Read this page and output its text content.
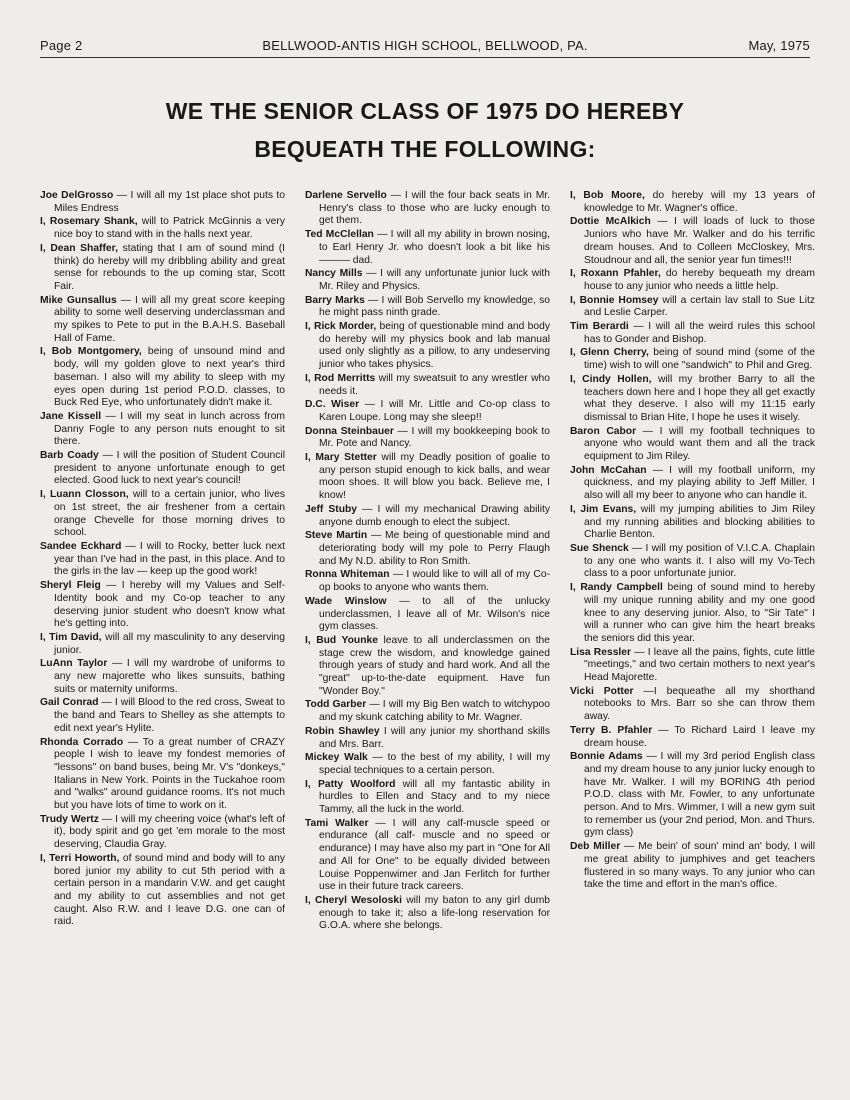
Page 2	BELLWOOD-ANTIS HIGH SCHOOL, BELLWOOD, PA.	May, 1975
WE THE SENIOR CLASS OF 1975 DO HEREBY
BEQUEATH THE FOLLOWING:

Joe DelGrosso — I will all my 1st place shot puts to Miles Endress

I, Rosemary Shank, will to Patrick McGinnis a very nice boy to stand with in the halls next year.

I, Dean Shaffer, stating that I am of sound mind (I think) do hereby will my dribbling ability and great sense for rebounds to the up coming star, Scott Fair.

Mike Gunsallus — I will all my great score keeping ability to some well deserving underclassman and my spikes to Pete to put in the B.A.H.S. Baseball Hall of Fame.

I, Bob Montgomery, being of unsound mind and body, will my golden glove to next year's third baseman. I also will my ability to sleep with my eyes open during 1st period P.O.D. classes, to Buck Red Eye, who unfortunately didn't make it.

Jane Kissell — I will my seat in lunch across from Danny Fogle to any person nuts enought to sit there.

Barb Coady — I will the position of Student Council president to anyone unfortunate enough to get elected. Good luck to next year's council!

I, Luann Closson, will to a certain junior, who lives on 1st street, the air freshener from a certain orange Chevelle for those morning drives to school.

Sandee Eckhard — I will to Rocky, better luck next year than I've had in the past, in this place. And to the girls in the lav — keep up the good work!

Sheryl Fleig — I hereby will my Values and Self-Identity book and my Co-op teacher to any deserving junior student who doesn't know what he's getting into.

I, Tim David, will all my masculinity to any deserving junior.

LuAnn Taylor — I will my wardrobe of uniforms to any new majorette who likes sunsuits, bathing suits or maternity uniforms.

Gail Conrad — I will Blood to the red cross, Sweat to the band and Tears to Shelley as she attempts to edit next year's Hylite.

Rhonda Corrado — To a great number of CRAZY people I wish to leave my fondest memories of "lessons" on band buses, being Mr. V's "donkeys," Italians in New York. Points in the Tuckahoe room and "walks" around guidance rooms. It's not much but you have lots of time to work on it.

Trudy Wertz — I will my cheering voice (what's left of it), body spirit and go get 'em morale to the most deserving, Claudia Gray.

I, Terri Howorth, of sound mind and body will to any bored junior my ability to cut 5th period with a certain person in a mandarin V.W. and get caught and my ability to cut assemblies and not get caught. Also R.W. and I leave D.G. one can of raid.

Darlene Servello — I will the four back seats in Mr. Henry's class to those who are lucky enough to get them.

Ted McClellan — I will all my ability in brown nosing, to Earl Henry Jr. who doesn't look a bit like his ——— dad.

Nancy Mills — I will any unfortunate junior luck with Mr. Riley and Physics.

Barry Marks — I will Bob Servello my knowledge, so he might pass ninth grade.

I, Rick Morder, being of questionable mind and body do hereby will my physics book and lab manual used only slightly as a pillow, to any undeserving junior who takes physics.

I, Rod Merritts will my sweatsuit to any wrestler who needs it.

D.C. Wiser — I will Mr. Little and Co-op class to Karen Loupe. Long may she sleep!!

Donna Steinbauer — I will my bookkeeping book to Mr. Pote and Nancy.

I, Mary Stetter will my Deadly position of goalie to any person stupid enough to kick balls, and wear moon shoes. It will blow you back. Believe me, I know!

Jeff Stuby — I will my mechanical Drawing ability anyone dumb enough to elect the subject.

Steve Martin — Me being of questionable mind and deteriorating body will my pole to Perry Flaugh and My N.D. ability to Ron Smith.

Ronna Whiteman — I would like to will all of my Co-op books to anyone who wants them.

Wade Winslow — to all of the unlucky underclassmen, I leave all of Mr. Wilson's nice gym classes.

I, Bud Younke leave to all underclassmen on the stage crew the wisdom, and knowledge gained through years of study and hard work. And all the "great" up-to-the-date equipment. Have fun "Wonder Boy."

Todd Garber — I will my Big Ben watch to witchypoo and my skunk catching ability to Mr. Wagner.

Robin Shawley I will any junior my shorthand skills and Mrs. Barr.

Mickey Walk — to the best of my ability, I will my special techniques to a certain person.

I, Patty Woolford will all my fantastic ability in hurdles to Ellen and Stacy and to my niece Tammy, all the luck in the world.

Tami Walker — I will any calf-muscle speed or endurance (all calf- muscle and no speed or endurance) I may have also my part in "One for All and All for One" to be equally divided between Louise Poppenwimer and Jan Ferlitch for further use in their future track careers.

I, Cheryl Wesoloski will my baton to any girl dumb enough to take it; also a life-long reservation for G.O.A. where she belongs.

I, Bob Moore, do hereby will my 13 years of knowledge to Mr. Wagner's office.

Dottie McAlkich — I will loads of luck to those Juniors who have Mr. Walker and do his terrific dream houses. And to Colleen McCloskey, Mrs. Stoudnour and all, the senior year fun times!!!

I, Roxann Pfahler, do hereby bequeath my dream house to any junior who needs a little help.

I, Bonnie Homsey will a certain lav stall to Sue Litz and Leslie Carper.

Tim Berardi — I will all the weird rules this school has to Gonder and Bishop.

I, Glenn Cherry, being of sound mind (some of the time) wish to will one "sandwich" to Phil and Greg.

I, Cindy Hollen, will my brother Barry to all the teachers down here and I hope they all get exactly what they deserve. I also will my 11:15 early dismissal to Brian Hite, I hope he uses it wisely.

Baron Cabor — I will my football techniques to anyone who would want them and all the track equipment to Jim Riley.

John McCahan — I will my football uniform, my quickness, and my playing ability to Jeff Miller. I also will all my beer to anyone who can handle it.

I, Jim Evans, will my jumping abilities to Jim Riley and my running abilities and blocking abilities to Charlie Benton.

Sue Shenck — I will my position of V.I.C.A. Chaplain to any one who wants it. I also will my Vo-Tech class to a poor unfortunate junior.

I, Randy Campbell being of sound mind to hereby will my unique running ability and my one good knee to any deserving junior. Also, to "Sir Tate" I will a runner who can give him the heart breaks the seniors did this year.

Lisa Ressler — I leave all the pains, fights, cute little "meetings," and two certain mothers to next year's Head Majorette.

Vicki Potter —I bequeathe all my shorthand notebooks to Mrs. Barr so she can throw them away.

Terry B. Pfahler — To Richard Laird I leave my dream house.

Bonnie Adams — I will my 3rd period English class and my dream house to any junior lucky enough to have Mr. Walker. I will my BORING 4th period P.O.D. class with Mr. Fowler, to any unfortunate person. And to Mrs. Wimmer, I will a new gym suit to remember us (your 2nd period, Mon. and Thurs. gym class)

Deb Miller — Me bein' of soun' mind an' body, I will me great ability to jumphives and get teachers flustered in so many ways. To any junior who can take the time and effort in the man's office.
